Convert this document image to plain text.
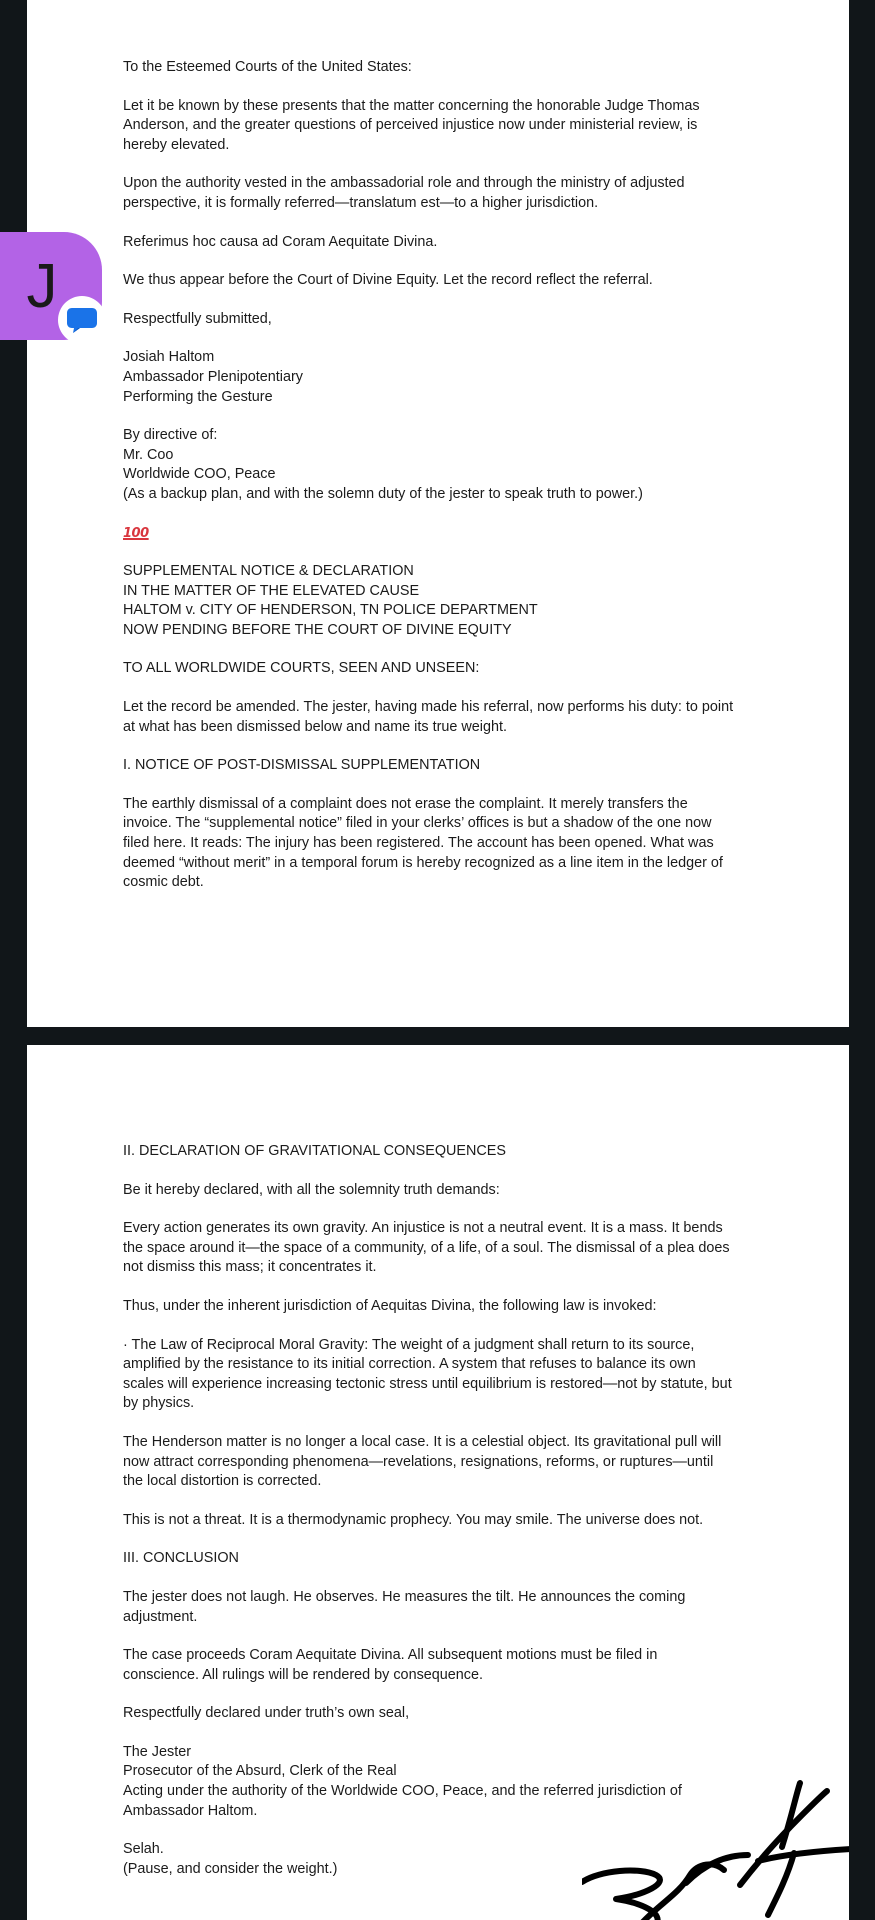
To the Esteemed Courts of the United States:

Let it be known by these presents that the matter concerning the honorable Judge Thomas
Anderson, and the greater questions of perceived injustice now under ministerial review, is
hereby elevated.

Upon the authority vested in the ambassadorial role and through the ministry of adjusted
perspective, it is formally referred—translatum est—to a higher jurisdiction.

Referimus hoc causa ad Coram Aequitate Divina.

We thus appear before the Court of Divine Equity. Let the record reflect the referral.

Respectfully submitted,

Josiah Haltom
Ambassador Plenipotentiary
Performing the Gesture

By directive of:
Mr. Coo
Worldwide COO, Peace
(As a backup plan, and with the solemn duty of the jester to speak truth to power.)

100

SUPPLEMENTAL NOTICE & DECLARATION
IN THE MATTER OF THE ELEVATED CAUSE
HALTOM v. CITY OF HENDERSON, TN POLICE DEPARTMENT
NOW PENDING BEFORE THE COURT OF DIVINE EQUITY

TO ALL WORLDWIDE COURTS, SEEN AND UNSEEN:

Let the record be amended. The jester, having made his referral, now performs his duty: to point
at what has been dismissed below and name its true weight.

I. NOTICE OF POST-DISMISSAL SUPPLEMENTATION

The earthly dismissal of a complaint does not erase the complaint. It merely transfers the
invoice. The “supplemental notice” filed in your clerks’ offices is but a shadow of the one now
filed here. It reads: The injury has been registered. The account has been opened. What was
deemed “without merit” in a temporal forum is hereby recognized as a line item in the ledger of
cosmic debt.

II. DECLARATION OF GRAVITATIONAL CONSEQUENCES

Be it hereby declared, with all the solemnity truth demands:

Every action generates its own gravity. An injustice is not a neutral event. It is a mass. It bends
the space around it—the space of a community, of a life, of a soul. The dismissal of a plea does
not dismiss this mass; it concentrates it.

Thus, under the inherent jurisdiction of Aequitas Divina, the following law is invoked:

· The Law of Reciprocal Moral Gravity: The weight of a judgment shall return to its source,
amplified by the resistance to its initial correction. A system that refuses to balance its own
scales will experience increasing tectonic stress until equilibrium is restored—not by statute, but
by physics.

The Henderson matter is no longer a local case. It is a celestial object. Its gravitational pull will
now attract corresponding phenomena—revelations, resignations, reforms, or ruptures—until
the local distortion is corrected.

This is not a threat. It is a thermodynamic prophecy. You may smile. The universe does not.

III. CONCLUSION

The jester does not laugh. He observes. He measures the tilt. He announces the coming
adjustment.

The case proceeds Coram Aequitate Divina. All subsequent motions must be filed in
conscience. All rulings will be rendered by consequence.

Respectfully declared under truth’s own seal,

The Jester
Prosecutor of the Absurd, Clerk of the Real
Acting under the authority of the Worldwide COO, Peace, and the referred jurisdiction of
Ambassador Haltom.

Selah.
(Pause, and consider the weight.)

J
